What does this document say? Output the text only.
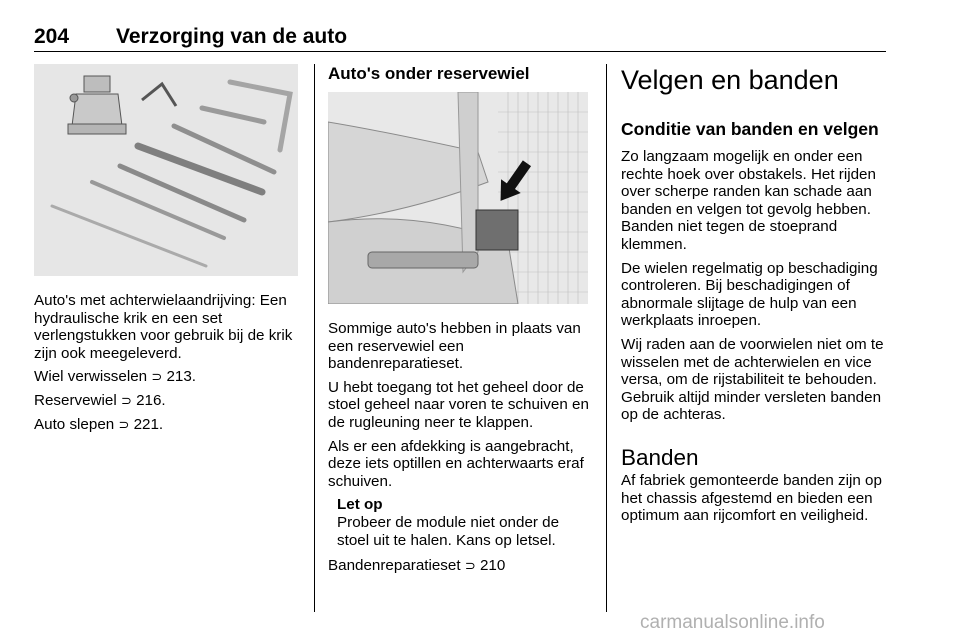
204 Verzorging van de auto

Auto's met achterwielaandrijving: Een hydraulische krik en een set verlengstukken voor gebruik bij de krik zijn ook meegeleverd.

Wiel verwisselen ⊃ 213.

Reservewiel ⊃ 216.

Auto slepen ⊃ 221.

Auto's onder reservewiel

Sommige auto's hebben in plaats van een reservewiel een bandenreparatieset.

U hebt toegang tot het geheel door de stoel geheel naar voren te schuiven en de rugleuning neer te klappen.

Als er een afdekking is aangebracht, deze iets optillen en achterwaarts eraf schuiven.

Let op
Probeer de module niet onder de stoel uit te halen. Kans op letsel.

Bandenreparatieset ⊃ 210

Velgen en banden
Conditie van banden en velgen

Zo langzaam mogelijk en onder een rechte hoek over obstakels. Het rijden over scherpe randen kan schade aan banden en velgen tot gevolg hebben. Banden niet tegen de stoeprand klemmen.

De wielen regelmatig op beschadiging controleren. Bij beschadigingen of abnormale slijtage de hulp van een werkplaats inroepen.

Wij raden aan de voorwielen niet om te wisselen met de achterwielen en vice versa, om de rijstabiliteit te behouden. Gebruik altijd minder versleten banden op de achteras.

Banden

Af fabriek gemonteerde banden zijn op het chassis afgestemd en bieden een optimum aan rijcomfort en veiligheid.

carmanualsonline.info
